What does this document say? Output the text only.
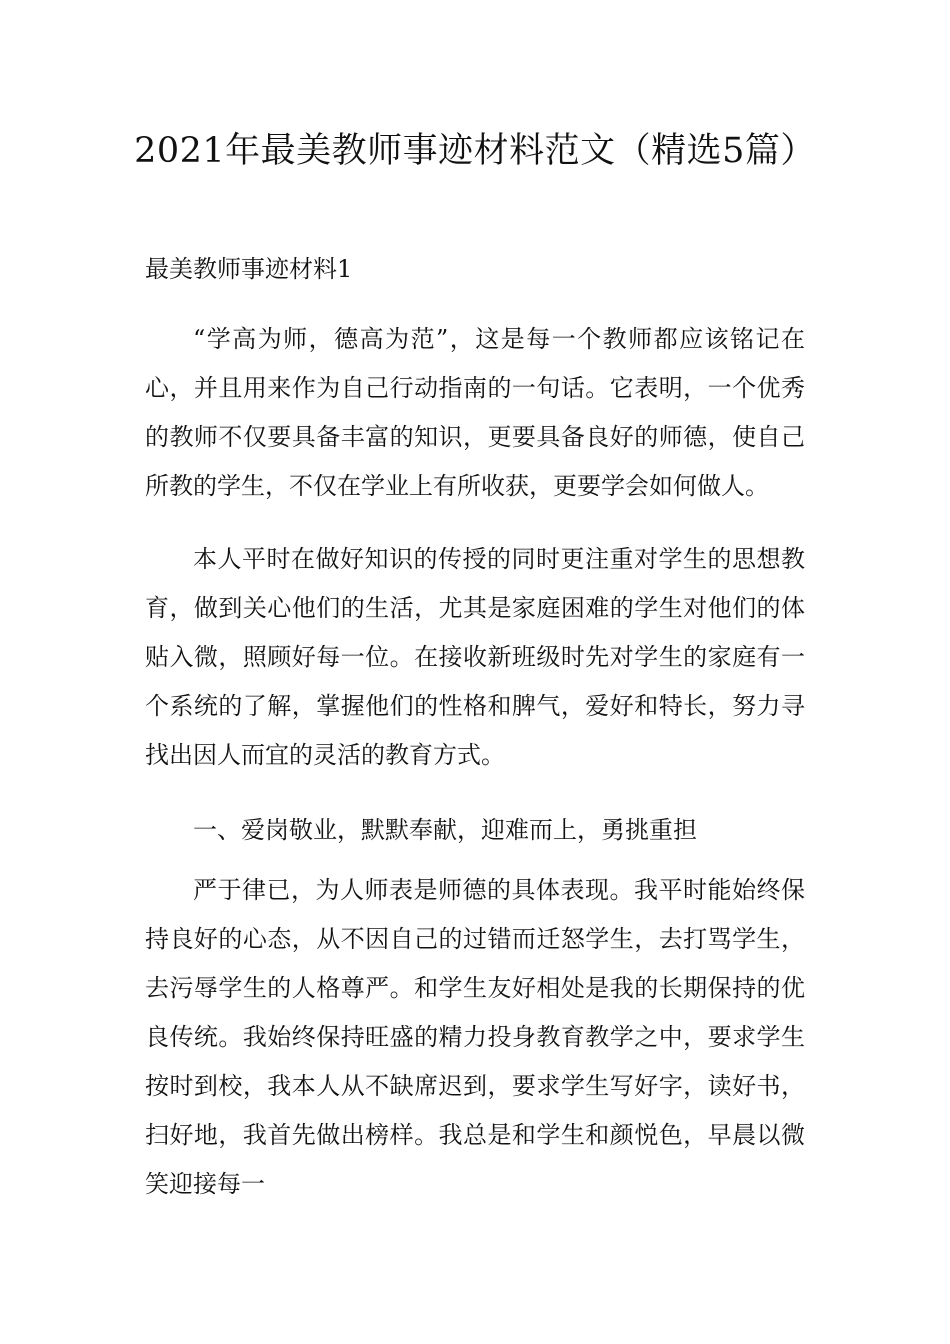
2021年最美教师事迹材料范文（精选5篇）
最美教师事迹材料1

“学高为师，德高为范”，这是每一个教师都应该铭记在心，并且用来作为自己行动指南的一句话。它表明，一个优秀的教师不仅要具备丰富的知识，更要具备良好的师德，使自己所教的学生，不仅在学业上有所收获，更要学会如何做人。

本人平时在做好知识的传授的同时更注重对学生的思想教育，做到关心他们的生活，尤其是家庭困难的学生对他们的体贴入微，照顾好每一位。在接收新班级时先对学生的家庭有一个系统的了解，掌握他们的性格和脾气，爱好和特长，努力寻找出因人而宜的灵活的教育方式。

一、爱岗敬业，默默奉献，迎难而上，勇挑重担

严于律已，为人师表是师德的具体表现。我平时能始终保持良好的心态，从不因自己的过错而迁怒学生，去打骂学生，去污辱学生的人格尊严。和学生友好相处是我的长期保持的优良传统。我始终保持旺盛的精力投身教育教学之中，要求学生按时到校，我本人从不缺席迟到，要求学生写好字，读好书，扫好地，我首先做出榜样。我总是和学生和颜悦色，早晨以微笑迎接每一
